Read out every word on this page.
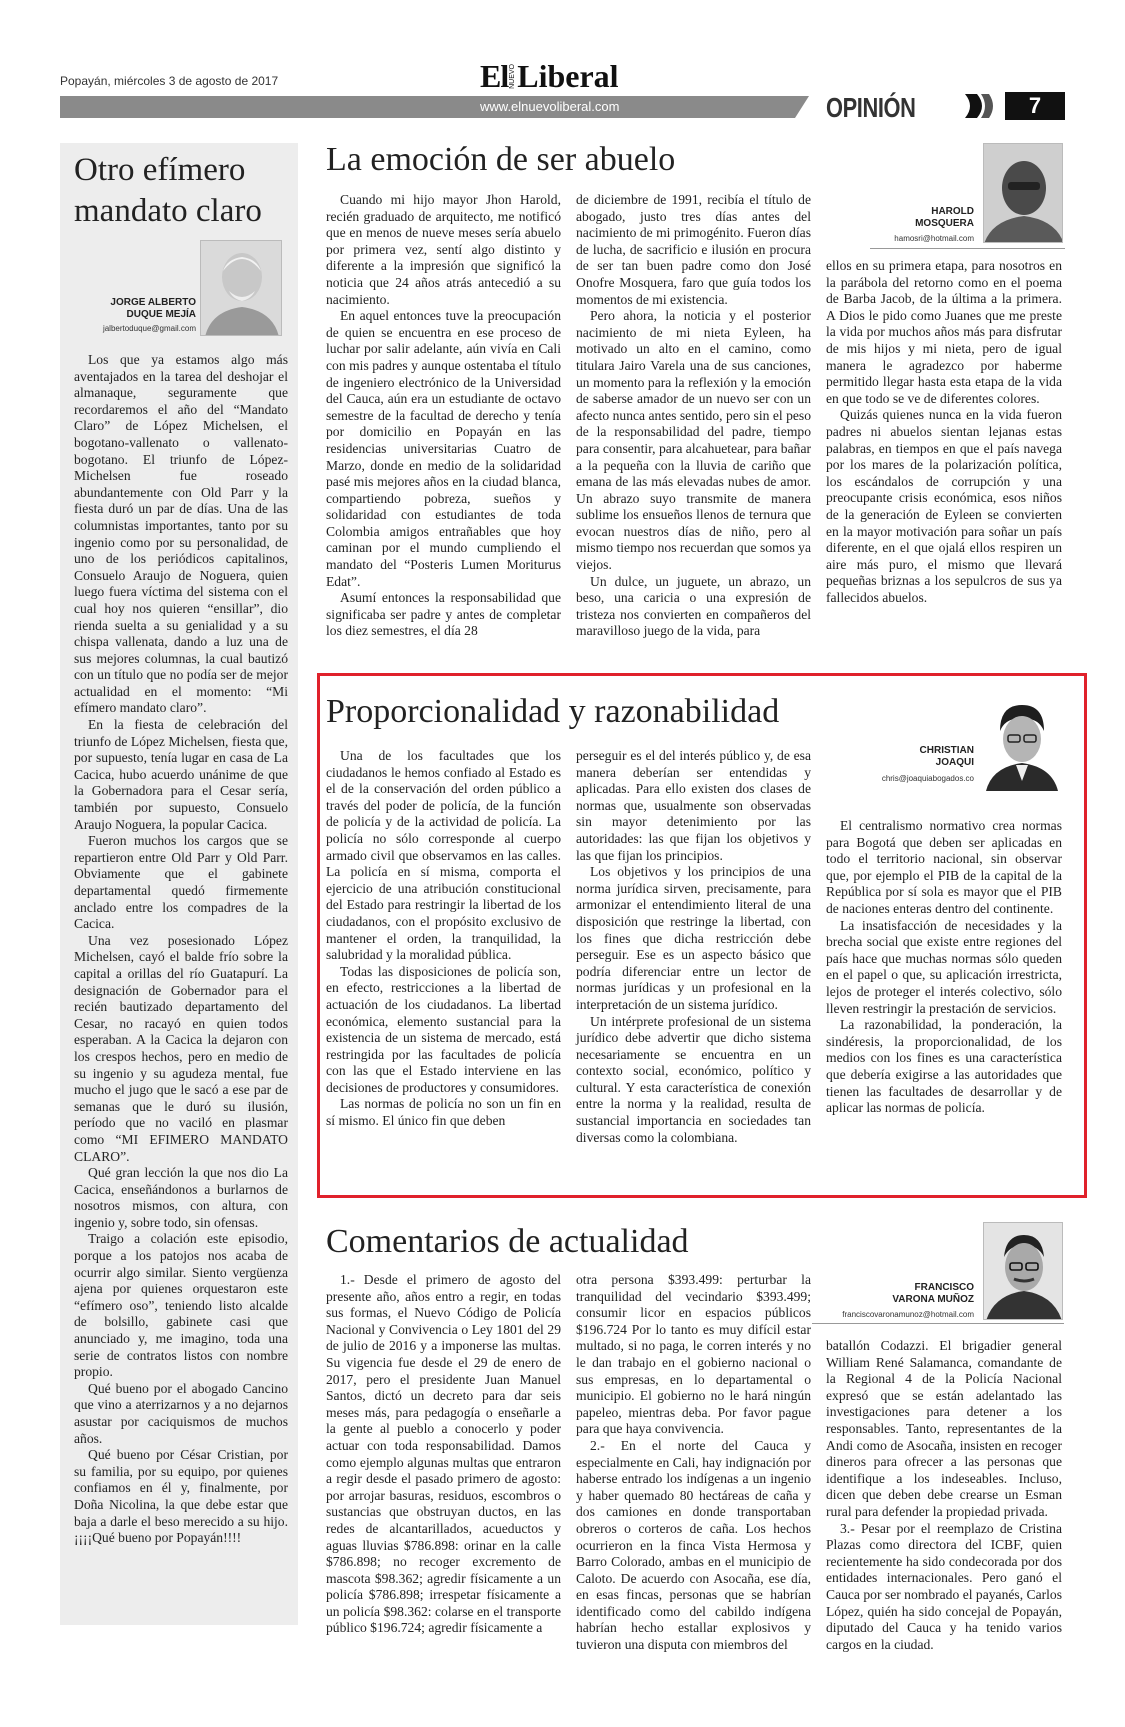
Popayán, miércoles 3 de agosto de 2017	El NUEVO Liberal
www.elnuevoliberal.com	OPINIÓN	7
Otro efímero mandato claro
JORGE ALBERTO
DUQUE MEJÍA
jalbertoduque@gmail.com

Los que ya estamos algo más aventajados en la tarea del deshojar el almanaque, seguramente que recordaremos el año del “Mandato Claro” de López Michelsen, el bogotano-vallenato o vallenato-bogotano. El triunfo de López-Michelsen fue roseado abundantemente con Old Parr y la fiesta duró un par de días. Una de las columnistas importantes, tanto por su ingenio como por su personalidad, de uno de los periódicos capitalinos, Consuelo Araujo de Noguera, quien luego fuera víctima del sistema con el cual hoy nos quieren “ensillar”, dio rienda suelta a su genialidad y a su chispa vallenata, dando a luz una de sus mejores columnas, la cual bautizó con un título que no podía ser de mejor actualidad en el momento: “Mi efímero mandato claro”.

En la fiesta de celebración del triunfo de López Michelsen, fiesta que, por supuesto, tenía lugar en casa de La Cacica, hubo acuerdo unánime de que la Gobernadora para el Cesar sería, también por supuesto, Consuelo Araujo Noguera, la popular Cacica.

Fueron muchos los cargos que se repartieron entre Old Parr y Old Parr. Obviamente que el gabinete departamental quedó firmemente anclado entre los compadres de la Cacica.

Una vez posesionado López Michelsen, cayó el balde frío sobre la capital a orillas del río Guatapurí. La designación de Gobernador para el recién bautizado departamento del Cesar, no racayó en quien todos esperaban. A la Cacica la dejaron con los crespos hechos, pero en medio de su ingenio y su agudeza mental, fue mucho el jugo que le sacó a ese par de semanas que le duró su ilusión, período que no vaciló en plasmar como “MI EFIMERO MANDATO CLARO”.

Qué gran lección la que nos dio La Cacica, enseñándonos a burlarnos de nosotros mismos, con altura, con ingenio y, sobre todo, sin ofensas.

Traigo a colación este episodio, porque a los patojos nos acaba de ocurrir algo similar. Siento vergüenza ajena por quienes orquestaron este “efímero oso”, teniendo listo alcalde de bolsillo, gabinete casi que anunciado y, me imagino, toda una serie de contratos listos con nombre propio.

Qué bueno por el abogado Cancino que vino a aterrizarnos y a no dejarnos asustar por caciquismos de muchos años.

Qué bueno por César Cristian, por su familia, por su equipo, por quienes confiamos en él y, finalmente, por Doña Nicolina, la que debe estar que baja a darle el beso merecido a su hijo. ¡¡¡¡Qué bueno por Popayán!!!!

La emoción de ser abuelo
HAROLD
MOSQUERA
hamosri@hotmail.com

Cuando mi hijo mayor Jhon Harold, recién graduado de arquitecto, me notificó que en menos de nueve meses sería abuelo por primera vez, sentí algo distinto y diferente a la impresión que significó la noticia que 24 años atrás antecedió a su nacimiento.

En aquel entonces tuve la preocupación de quien se encuentra en ese proceso de luchar por salir adelante, aún vivía en Cali con mis padres y aunque ostentaba el título de ingeniero electrónico de la Universidad del Cauca, aún era un estudiante de octavo semestre de la facultad de derecho y tenía por domicilio en Popayán en las residencias universitarias Cuatro de Marzo, donde en medio de la solidaridad pasé mis mejores años en la ciudad blanca, compartiendo pobreza, sueños y solidaridad con estudiantes de toda Colombia amigos entrañables que hoy caminan por el mundo cumpliendo el mandato del “Posteris Lumen Moriturus Edat”.

Asumí entonces la responsabilidad que significaba ser padre y antes de completar los diez semestres, el día 28

de diciembre de 1991, recibía el título de abogado, justo tres días antes del nacimiento de mi primogénito. Fueron días de lucha, de sacrificio e ilusión en procura de ser tan buen padre como don José Onofre Mosquera, faro que guía todos los momentos de mi existencia.

Pero ahora, la noticia y el posterior nacimiento de mi nieta Eyleen, ha motivado un alto en el camino, como titulara Jairo Varela una de sus canciones, un momento para la reflexión y la emoción de saberse amador de un nuevo ser con un afecto nunca antes sentido, pero sin el peso de la responsabilidad del padre, tiempo para consentir, para alcahuetear, para bañar a la pequeña con la lluvia de cariño que emana de las más elevadas nubes de amor. Un abrazo suyo transmite de manera sublime los ensueños llenos de ternura que evocan nuestros días de niño, pero al mismo tiempo nos recuerdan que somos ya viejos.

Un dulce, un juguete, un abrazo, un beso, una caricia o una expresión de tristeza nos convierten en compañeros del maravilloso juego de la vida, para

ellos en su primera etapa, para nosotros en la parábola del retorno como en el poema de Barba Jacob, de la última a la primera. A Dios le pido como Juanes que me preste la vida por muchos años más para disfrutar de mis hijos y mi nieta, pero de igual manera le agradezco por haberme permitido llegar hasta esta etapa de la vida en que todo se ve de diferentes colores.

Quizás quienes nunca en la vida fueron padres ni abuelos sientan lejanas estas palabras, en tiempos en que el país navega por los mares de la polarización política, los escándalos de corrupción y una preocupante crisis económica, esos niños de la generación de Eyleen se convierten en la mayor motivación para soñar un país diferente, en el que ojalá ellos respiren un aire más puro, el mismo que llevará pequeñas briznas a los sepulcros de sus ya fallecidos abuelos.

Proporcionalidad y razonabilidad
CHRISTIAN
JOAQUI
chris@joaquiabogados.co

Una de los facultades que los ciudadanos le hemos confiado al Estado es el de la conservación del orden público a través del poder de policía, de la función de policía y de la actividad de policía. La policía no sólo corresponde al cuerpo armado civil que observamos en las calles. La policía en sí misma, comporta el ejercicio de una atribución constitucional del Estado para restringir la libertad de los ciudadanos, con el propósito exclusivo de mantener el orden, la tranquilidad, la salubridad y la moralidad pública.

Todas las disposiciones de policía son, en efecto, restricciones a la libertad de actuación de los ciudadanos. La libertad económica, elemento sustancial para la existencia de un sistema de mercado, está restringida por las facultades de policía con las que el Estado interviene en las decisiones de productores y consumidores.

Las normas de policía no son un fin en sí mismo. El único fin que deben

perseguir es el del interés público y, de esa manera deberían ser entendidas y aplicadas. Para ello existen dos clases de normas que, usualmente son observadas sin mayor detenimiento por las autoridades: las que fijan los objetivos y las que fijan los principios.

Los objetivos y los principios de una norma jurídica sirven, precisamente, para armonizar el entendimiento literal de una disposición que restringe la libertad, con los fines que dicha restricción debe perseguir. Ese es un aspecto básico que podría diferenciar entre un lector de normas jurídicas y un profesional en la interpretación de un sistema jurídico.

Un intérprete profesional de un sistema jurídico debe advertir que dicho sistema necesariamente se encuentra en un contexto social, económico, político y cultural. Y esta característica de conexión entre la norma y la realidad, resulta de sustancial importancia en sociedades tan diversas como la colombiana.

El centralismo normativo crea normas para Bogotá que deben ser aplicadas en todo el territorio nacional, sin observar que, por ejemplo el PIB de la capital de la República por sí sola es mayor que el PIB de naciones enteras dentro del continente.

La insatisfacción de necesidades y la brecha social que existe entre regiones del país hace que muchas normas sólo queden en el papel o que, su aplicación irrestricta, lejos de proteger el interés colectivo, sólo lleven restringir la prestación de servicios.

La razonabilidad, la ponderación, la sindéresis, la proporcionalidad, de los medios con los fines es una característica que debería exigirse a las autoridades que tienen las facultades de desarrollar y de aplicar las normas de policía.

Comentarios de actualidad
FRANCISCO
VARONA MUÑOZ
franciscovaronamunoz@hotmail.com

1.- Desde el primero de agosto del presente año, años entro a regir, en todas sus formas, el Nuevo Código de Policía Nacional y Convivencia o Ley 1801 del 29 de julio de 2016 y a imponerse las multas. Su vigencia fue desde el 29 de enero de 2017, pero el presidente Juan Manuel Santos, dictó un decreto para dar seis meses más, para pedagogía o enseñarle a la gente al pueblo a conocerlo y poder actuar con toda responsabilidad. Damos como ejemplo algunas multas que entraron a regir desde el pasado primero de agosto: por arrojar basuras, residuos, escombros o sustancias que obstruyan ductos, en las redes de alcantarillados, acueductos y aguas lluvias $786.898: orinar en la calle $786.898; no recoger excremento de mascota $98.362; agredir físicamente a un policía $786.898; irrespetar físicamente a un policía $98.362: colarse en el transporte público $196.724; agredir físicamente a

otra persona $393.499: perturbar la tranquilidad del vecindario $393.499; consumir licor en espacios públicos $196.724 Por lo tanto es muy difícil estar multado, si no paga, le corren interés y no le dan trabajo en el gobierno nacional o sus empresas, en lo departamental o municipio. El gobierno no le hará ningún papeleo, mientras deba. Por favor pague para que haya convivencia.

2.- En el norte del Cauca y especialmente en Cali, hay indignación por haberse entrado los indígenas a un ingenio y haber quemado 80 hectáreas de caña y dos camiones en donde transportaban obreros o corteros de caña. Los hechos ocurrieron en la finca Vista Hermosa y Barro Colorado, ambas en el municipio de Caloto. De acuerdo con Asocaña, ese día, en esas fincas, personas que se habrían identificado como del cabildo indígena habrían hecho estallar explosivos y tuvieron una disputa con miembros del

batallón Codazzi. El brigadier general William René Salamanca, comandante de la Regional 4 de la Policía Nacional expresó que se están adelantado las investigaciones para detener a los responsables. Tanto, representantes de la Andi como de Asocaña, insisten en recoger dineros para ofrecer a las personas que identifique a los indeseables. Incluso, dicen que deben debe crearse un Esman rural para defender la propiedad privada.

3.- Pesar por el reemplazo de Cristina Plazas como directora del ICBF, quien recientemente ha sido condecorada por dos entidades internacionales. Pero ganó el Cauca por ser nombrado el payanés, Carlos López, quién ha sido concejal de Popayán, diputado del Cauca y ha tenido varios cargos en la ciudad.
